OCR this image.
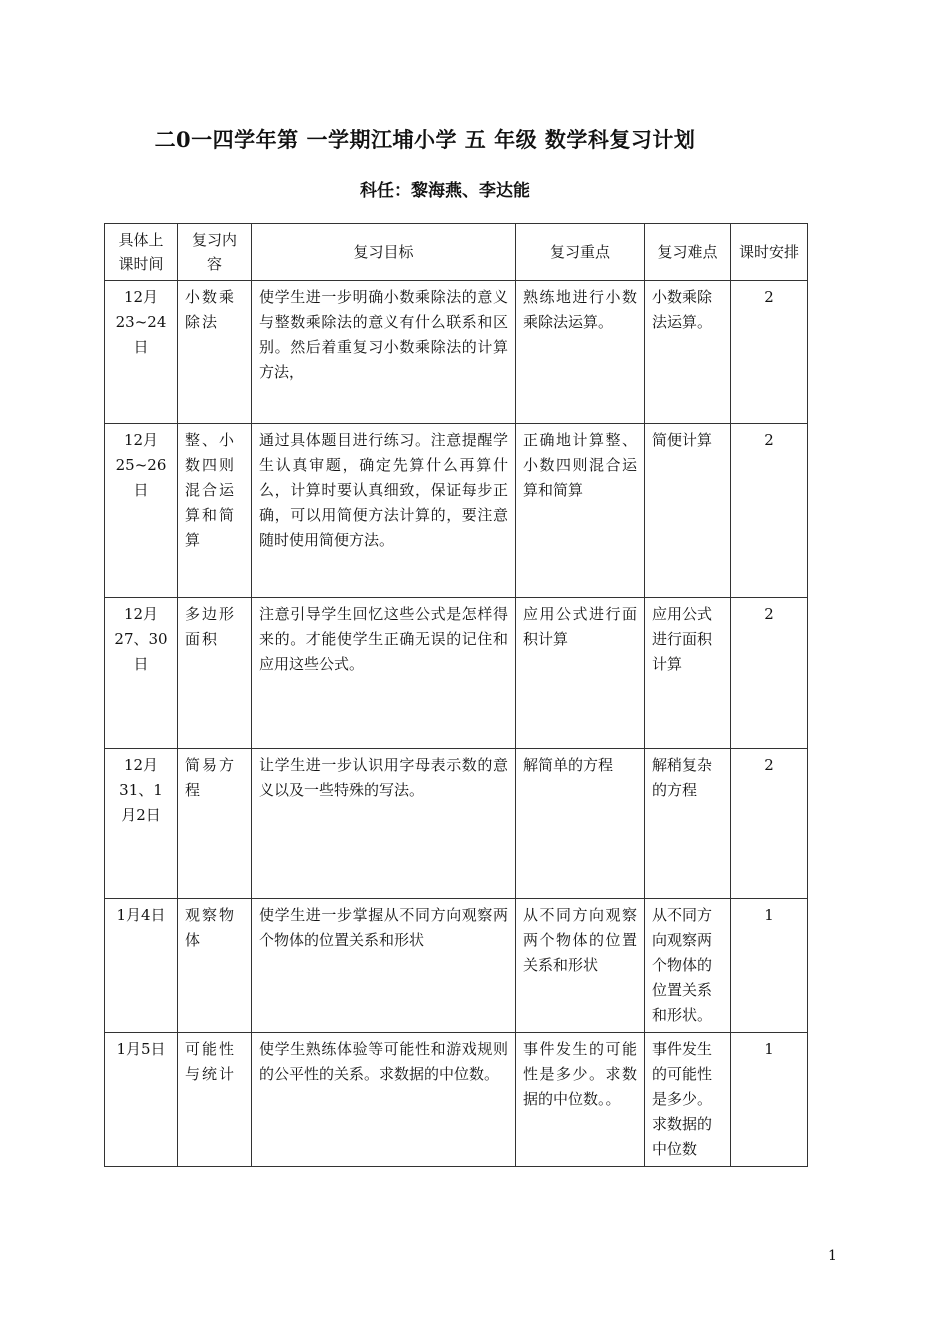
二0一四学年第 一学期江埔小学 五 年级 数学科复习计划
科任：黎海燕、李达能
具体上课时间	复习内容	复习目标	复习重点	复习难点	课时安排
12月 23~24日	小数乘除法	使学生进一步明确小数乘除法的意义与整数乘除法的意义有什么联系和区别。然后着重复习小数乘除法的计算方法，	熟练地进行小数乘除法运算。	小数乘除法运算。	2
12月 25~26日	整、小数四则混合运算和简算	通过具体题目进行练习。注意提醒学生认真审题，确定先算什么再算什么，计算时要认真细致，保证每步正确，可以用简便方法计算的，要注意随时使用简便方法。	正确地计算整、小数四则混合运算和简算	简便计算	2
12月 27、30日	多边形面积	注意引导学生回忆这些公式是怎样得来的。才能使学生正确无误的记住和应用这些公式。	应用公式进行面积计算	应用公式进行面积计算	2
12月 31、1月2日	简易方程	让学生进一步认识用字母表示数的意义以及一些特殊的写法。	解简单的方程	解稍复杂的方程	2
1月4日	观察物体	使学生进一步掌握从不同方向观察两个物体的位置关系和形状	从不同方向观察两个物体的位置关系和形状	从不同方向观察两个物体的位置关系和形状。	1
1月5日	可能性与统计	使学生熟练体验等可能性和游戏规则的公平性的关系。求数据的中位数。	事件发生的可能性是多少。求数据的中位数。。	事件发生的可能性是多少。求数据的中位数	1
1
